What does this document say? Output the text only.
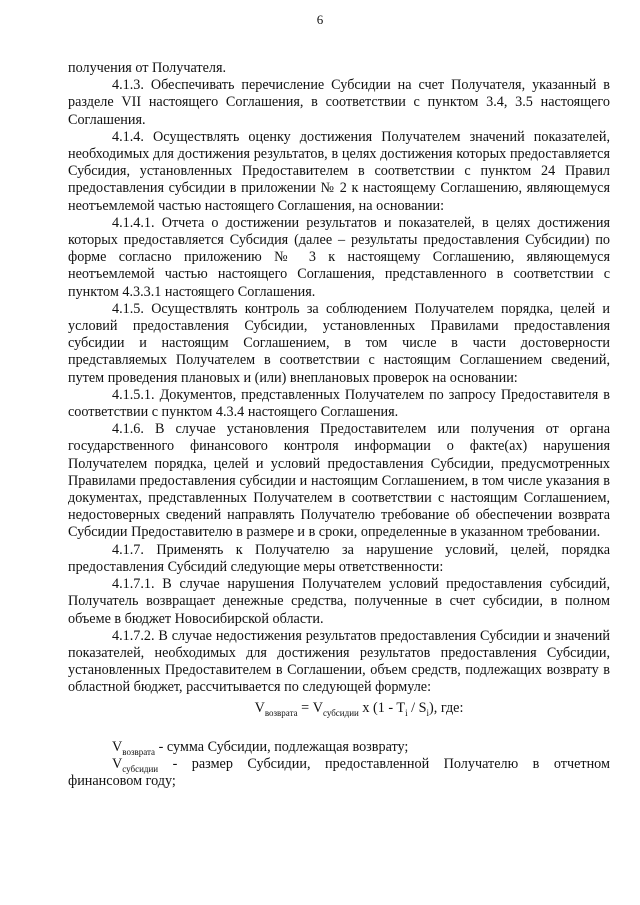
6

получения от Получателя.

4.1.3. Обеспечивать перечисление Субсидии на счет Получателя, указанный в разделе VII настоящего Соглашения, в соответствии с пунктом 3.4, 3.5 настоящего Соглашения.

4.1.4. Осуществлять оценку достижения Получателем значений показателей, необходимых для достижения результатов, в целях достижения которых предоставляется Субсидия, установленных Предоставителем в соответствии с пунктом 24 Правил предоставления субсидии в приложении № 2 к настоящему Соглашению, являющемуся неотъемлемой частью настоящего Соглашения, на основании:

4.1.4.1. Отчета о достижении результатов и показателей, в целях достижения которых предоставляется Субсидия (далее – результаты предоставления Субсидии) по форме согласно приложению № 3 к настоящему Соглашению, являющемуся неотъемлемой частью настоящего Соглашения, представленного в соответствии с пунктом 4.3.3.1 настоящего Соглашения.

4.1.5. Осуществлять контроль за соблюдением Получателем порядка, целей и условий предоставления Субсидии, установленных Правилами предоставления субсидии и настоящим Соглашением, в том числе в части достоверности представляемых Получателем в соответствии с настоящим Соглашением сведений, путем проведения плановых и (или) внеплановых проверок на основании:

4.1.5.1. Документов, представленных Получателем по запросу Предоставителя в соответствии с пунктом 4.3.4 настоящего Соглашения.

4.1.6. В случае установления Предоставителем или получения от органа государственного финансового контроля информации о факте(ах) нарушения Получателем порядка, целей и условий предоставления Субсидии, предусмотренных Правилами предоставления субсидии и настоящим Соглашением, в том числе указания в документах, представленных Получателем в соответствии с настоящим Соглашением, недостоверных сведений направлять Получателю требование об обеспечении возврата Субсидии Предоставителю в размере и в сроки, определенные в указанном требовании.

4.1.7. Применять к Получателю за нарушение условий, целей, порядка предоставления Субсидий следующие меры ответственности:

4.1.7.1. В случае нарушения Получателем условий предоставления субсидий, Получатель возвращает денежные средства, полученные в счет субсидии, в полном объеме в бюджет Новосибирской области.

4.1.7.2. В случае недостижения результатов предоставления Субсидии и значений показателей, необходимых для достижения результатов предоставления Субсидии, установленных Предоставителем в Соглашении, объем средств, подлежащих возврату в областной бюджет, рассчитывается по следующей формуле:

$V_{возврата} = V_{субсидии}$ x $(1 - T_i / S_i)$, где:

$V_{возврата}$ - сумма Субсидии, подлежащая возврату;

$V_{субсидии}$ - размер Субсидии, предоставленной Получателю в отчетном финансовом году;
